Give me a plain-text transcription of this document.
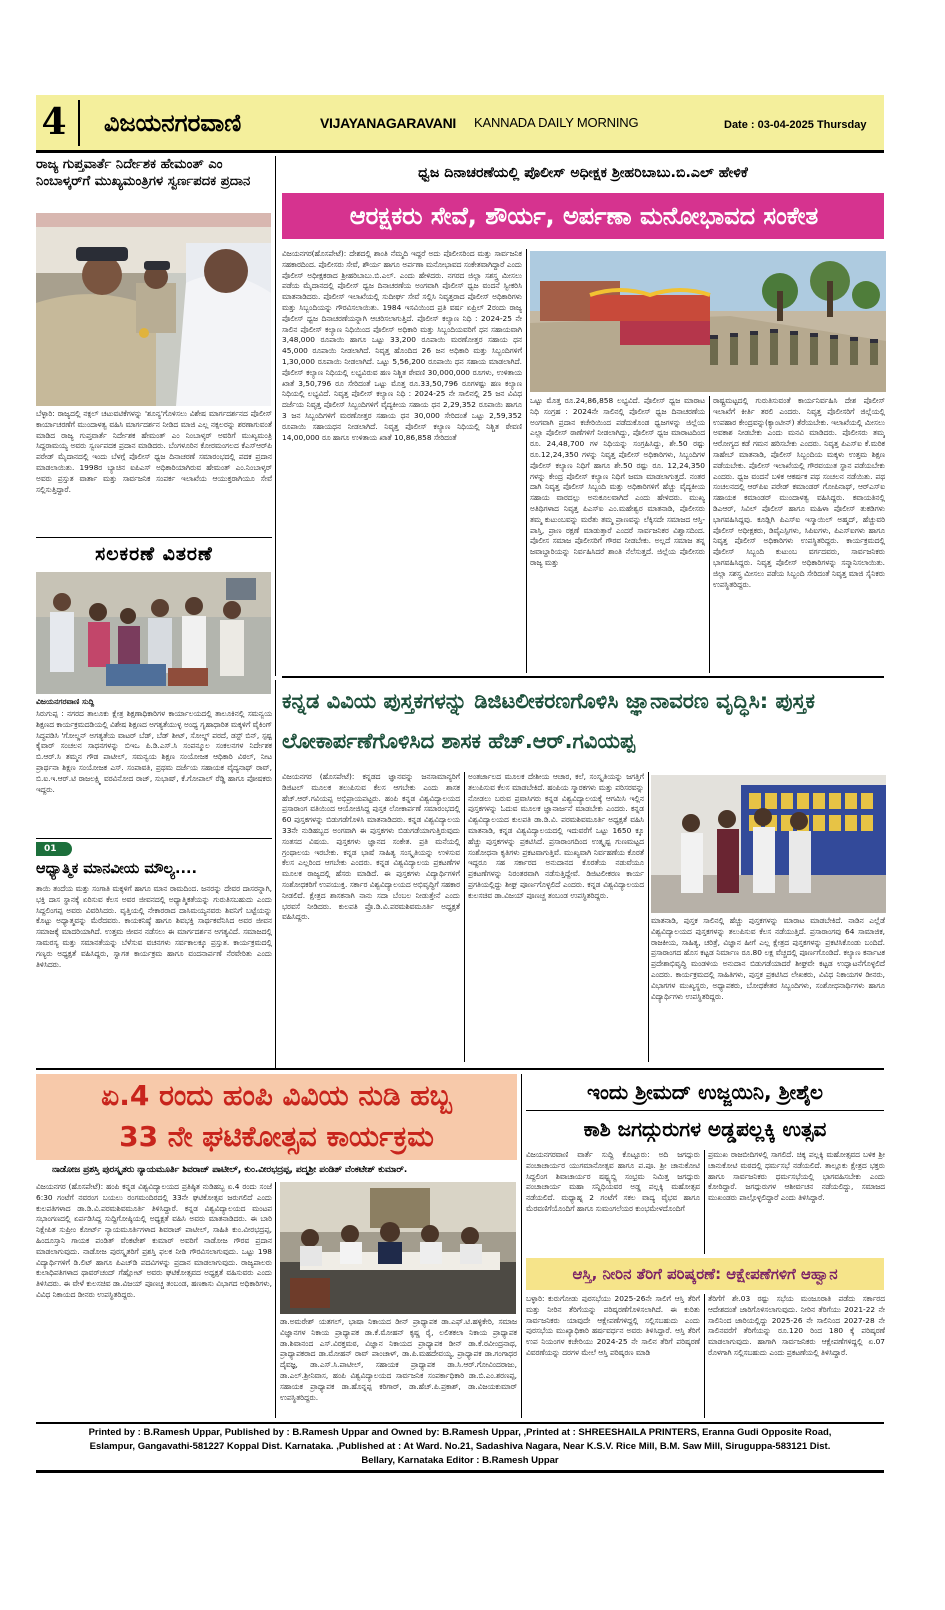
4 ವಿಜಯನಗರವಾಣಿ	VIJAYANAGARAVANI	KANNADA DAILY MORNING	Date : 03-04-2025 Thursday
ರಾಜ್ಯ ಗುಪ್ತವಾರ್ತೆ ನಿರ್ದೇಶಕ ಹೇಮಂತ್ ಎಂ ನಿಂಬಾಳ್ಕರ್‌ಗೆ ಮುಖ್ಯಮಂತ್ರಿಗಳ ಸ್ವರ್ಣಪದಕ ಪ್ರದಾನ
ಬೆಳ್ಳಾರಿ: ರಾಜ್ಯದಲ್ಲಿ ನಕ್ಸಲ್ ಚಟುವಟಿಕೆಗಳನ್ನು 'ಶೂನ್ಯ'ಗೊಳಿಸಲು ವಿಶೇಷ ಮಾರ್ಗದರ್ಶನದ ಪೊಲೀಸ್ ಕಾರ್ಯಾಚರಣೆಗೆ ಮುಂದಾಳತ್ವ ವಹಿಸಿ ಮಾರ್ಗದರ್ಶನ ನೀಡಿದ ಮಾಜಿ ಎಲ್ಲ ನಕ್ಸಲರನ್ನು ಶರಣಾಗುವಂತೆ ಮಾಡಿದ ರಾಜ್ಯ ಗುಪ್ತವಾರ್ತೆ ನಿರ್ದೇಶಕ ಹೇಮಂತ್ ಎಂ ನಿಂಬಾಳ್ಕರ್ ಅವರಿಗೆ ಮುಖ್ಯಮಂತ್ರಿ ಸಿದ್ದರಾಮಯ್ಯ ಅವರು ಸ್ವರ್ಣಪದಕ ಪ್ರದಾನ ಮಾಡಿದರು. ಬೆಂಗಳೂರಿನ ಕೋರಮಂಗಲದ ಕೆಎಸ್ಆರ್‌ಪಿ ಪರೇಡ್ ಮೈದಾನದಲ್ಲಿ ಇಂದು ಬೆಳಗ್ಗೆ ಪೊಲೀಸ್ ಧ್ವಜ ದಿನಾಚರಣೆ ಸಮಾರಂಭದಲ್ಲಿ ಪದಕ ಪ್ರದಾನ ಮಾಡಲಾಯಿತು. 1998ರ ಬ್ಯಾಚಿನ ಐಪಿಎಸ್ ಅಧಿಕಾರಿಯಾಗಿರುವ ಹೇಮಂತ್ ಎಂ.ನಿಂಬಾಳ್ಕರ್ ಅವರು ಪ್ರಸ್ತುತ ವಾರ್ತಾ ಮತ್ತು ಸಾರ್ವಜನಿಕ ಸಂಪರ್ಕ ಇಲಾಖೆಯ ಆಯುಕ್ತರಾಗಿಯೂ ಸೇವೆ ಸಲ್ಲಿಸುತ್ತಿದ್ದಾರೆ.
ಸಲಕರಣೆ ವಿತರಣೆ
ವಿಜಯನಗರವಾಣಿ ಸುದ್ದಿ
ಸಿರುಗುಪ್ಪ : ನಗರದ ತಾಲೂಕು ಕ್ಷೇತ್ರ ಶಿಕ್ಷಣಾಧಿಕಾರಿಗಳ ಕಾರ್ಯಾಲಯದಲ್ಲಿ ತಾಲೂಕಿನಲ್ಲಿ ಸಮನ್ವಯ ಶಿಕ್ಷಣದ ಕಾರ್ಯಕ್ರಮದಡಿಯಲ್ಲಿ ವಿಶೇಷ ಶಿಕ್ಷಣದ ಅಗತ್ಯತೆಯುಳ್ಳ ಅಂಧ್ಯ ಗೃಹಾಧಾರಿತ ಮಕ್ಕಳಿಗೆ ವೈಕಿಂಗ್ ಸಿದ್ಧಪಡಿಸಿ 'ಗೋಲ್ಡನ್ ಅಗತ್ಯತೆಯ ವಾಟರ್ ಬೆಡ್, ಬೆಡ್ ಶೀಟ್, ಸೋಲ್ಡ್ ಪರದೆ, ಡಸ್ಟ್ ಬಿನ್, ಸ್ಪಷ್ಟ ಕೈವಾರ್ ಸಂಚಲನ ಸಾಧನಗಳನ್ನು ಬಿಇಒ ಪಿ.ಡಿ.ಎಸ್.ಸಿ ಸಂಪನ್ಮೂಲ ಸಂಕಲನಗಳ ನಿರ್ದೇಶಕ ಬಿ.ಆರ್.ಸಿ ತಮ್ಮನ ಗೌಡ ಪಾಟೀಲ್, ಸಮನ್ವಯ ಶಿಕ್ಷಣ ಸಂಯೋಜಕ ಆಧಿಕಾರಿ ವಿಠಲ್, ನೀಟ ಪ್ರಾರ್ಥನಾ ಶಿಕ್ಷಣ ಸಂಯೋಜಕ ಎಸ್. ಸಂಪಾವತಿ, ಪ್ರಥಮ ದರ್ಜೆಯ ಸಹಾಯಕ ವೈದ್ಯನಾಥ್ ರಾವ್, ಬಿ.ಐ.ಇ.ಆರ್.ಟಿ ರಾಜಲಕ್ಷ್ಮಿ ವರವಿನೋದ ರಾಜ್, ಸುಭಾಷ್, ಕೆ.ಗೋಪಾಲ್ ರೆಡ್ಡಿ ಹಾಗೂ ಪೋಷಕರು ಇದ್ದರು.
01
ಆಧ್ಯಾತ್ಮಿಕ ಮಾನವೀಯ ಮೌಲ್ಯ....
ತಾಯಿ ತಂದೆಯ ಮತ್ತು ಸಂಗಾತಿ ಮಕ್ಕಳಿಗೆ ಹಾಗೂ ಮಾನ ರಾಮದಿಂದ. ಜನರನ್ನು ದೇವರ ದಾಸರನ್ನಾಗಿ, ಭಕ್ತಿ ದಾಸ ಸ್ಥಾನಕ್ಕೆ ಏರಿಸುವ ಕೆಲಸ ಅವರ ಜೀವನದಲ್ಲಿ ಅಧ್ಯಾತ್ಮಿಕತೆಯನ್ನು ಗುರುತಿಸಬಹುದು ಎಂದು ಸಿದ್ದಲಿಂಗಪ್ಪ ಅವರು ವಿವರಿಸಿದರು. ವೃತ್ತಿಯಲ್ಲಿ ನೇಕಾರರಾದ ದಾಸಿಮಯ್ಯನವರು ಶಿವನಿಗೆ ಬಟ್ಟೆಯನ್ನು ಕೊಟ್ಟು ಅಧ್ಯಾತ್ಮವನ್ನು ಮೆರೆದವರು. ಕಾಯಕನಿಷ್ಠೆ ಹಾಗೂ ಶಿವಭಕ್ತಿ ಸಾರ್ಥಕವೆನಿಸಿದ ಅವರ ಜೀವನ ಸಮಾಜಕ್ಕೆ ಮಾದರಿಯಾಗಿದೆ. ಉತ್ತಮ ಜೀವನ ನಡೆಸಲು ಈ ಮಾರ್ಗದರ್ಶನ ಅಗತ್ಯವಿದೆ. ಸಮಾಜದಲ್ಲಿ ಸಾಮರಸ್ಯ ಮತ್ತು ಸಮಾನತೆಯನ್ನು ಬೆಳೆಸುವ ವಚನಗಳು ಸರ್ವಕಾಲಕ್ಕೂ ಪ್ರಸ್ತುತ. ಕಾರ್ಯಕ್ರಮದಲ್ಲಿ ಗಣ್ಯರು ಅಧ್ಯಕ್ಷತೆ ವಹಿಸಿದ್ದರು, ಸ್ವಾಗತ ಕಾರ್ಯಕ್ರಮ ಹಾಗೂ ವಂದನಾರ್ಪಣೆ ನೆರವೇರಿತು ಎಂದು ತಿಳಿಸಿದರು.
ಧ್ವಜ ದಿನಾಚರಣೆಯಲ್ಲಿ ಪೊಲೀಸ್ ಅಧೀಕ್ಷಕ ಶ್ರೀಹರಿಬಾಬು.ಬಿ.ಎಲ್ ಹೇಳಿಕೆ
ಆರಕ್ಷಕರು ಸೇವೆ, ಶೌರ್ಯ, ಅರ್ಪಣಾ ಮನೋಭಾವದ ಸಂಕೇತ
ವಿಜಯನಗರ(ಹೊಸಪೇಟೆ): ದೇಶದಲ್ಲಿ ಶಾಂತಿ ನೆಮ್ಮದಿ ಇದ್ದರೆ ಅದು ಪೊಲೀಸರಿಂದ ಮತ್ತು ಸಾರ್ವಜನಿಕ ಸಹಕಾರದಿಂದ. ಪೊಲೀಸರು ಸೇವೆ, ಶೌರ್ಯ ಹಾಗೂ ಅರ್ಪಣಾ ಮನೋಭಾವದ ಸಂಕೇತವಾಗಿದ್ದಾರೆ ಎಂದು ಪೊಲೀಸ್ ಅಧೀಕ್ಷಕರಾದ ಶ್ರೀಹರಿಬಾಬು.ಬಿ.ಎಲ್. ಎಂದು ಹೇಳಿದರು. ನಗರದ ಜಿಲ್ಲಾ ಸಶಸ್ತ್ರ ಮೀಸಲು ಪಡೆಯ ಮೈದಾನದಲ್ಲಿ ಪೊಲೀಸ್ ಧ್ವಜ ದಿನಾಚರಣೆಯ ಅಂಗವಾಗಿ ಪೊಲೀಸ್ ಧ್ವಜ ವಂದನೆ ಸ್ವೀಕರಿಸಿ ಮಾತನಾಡಿದರು. ಪೊಲೀಸ್ ಇಲಾಖೆಯಲ್ಲಿ ಸುದೀರ್ಘ ಸೇವೆ ಸಲ್ಲಿಸಿ ನಿವೃತ್ತರಾದ ಪೊಲೀಸ್ ಅಧಿಕಾರಿಗಳು ಮತ್ತು ಸಿಬ್ಬಂದಿಯನ್ನು ಗೌರವಿಸಲಾಯಿತು. 1984 ಇಸವಿಯಿಂದ ಪ್ರತಿ ವರ್ಷ ಏಪ್ರಿಲ್ 2ರಂದು ರಾಜ್ಯ ಪೊಲೀಸ್ ಧ್ವಜ ದಿನಾಚರಣೆಯನ್ನಾಗಿ ಆಚರಿಸಲಾಗುತ್ತಿದೆ. ಪೊಲೀಸ್ ಕಲ್ಯಾಣ ನಿಧಿ : 2024-25 ನೇ ಸಾಲಿನ ಪೊಲೀಸ್ ಕಲ್ಯಾಣ ನಿಧಿಯಿಂದ ಪೊಲೀಸ್ ಅಧಿಕಾರಿ ಮತ್ತು ಸಿಬ್ಬಂದಿಯವರಿಗೆ ಧನ ಸಹಾಯವಾಗಿ 3,48,000 ರೂಪಾಯಿ ಹಾಗೂ ಒಟ್ಟು 33,200 ರೂಪಾಯಿ ಮರಣೋತ್ತರ ಸಹಾಯ ಧನ 45,000 ರೂಪಾಯಿ ನೀಡಲಾಗಿದೆ. ನಿವೃತ್ತ ಹೊಂದಿದ 26 ಜನ ಅಧಿಕಾರಿ ಮತ್ತು ಸಿಬ್ಬಂದಿಗಳಿಗೆ 1,30,000 ರೂಪಾಯಿ ನೀಡಲಾಗಿದೆ. ಒಟ್ಟು 5,56,200 ರೂಪಾಯಿ ಧನ ಸಹಾಯ ಮಾಡಲಾಗಿದೆ. ಪೊಲೀಸ್ ಕಲ್ಯಾಣ ನಿಧಿಯಲ್ಲಿ ಲಭ್ಯವಿರುವ ಹಣ ನಿಶ್ಚಿತ ಠೇವಣಿ 30,000,000 ರೂಗಳು, ಉಳಿತಾಯ ಖಾತೆ 3,50,796 ರೂ ಸೇರಿದಂತೆ ಒಟ್ಟು ಮೊತ್ತ ರೂ.33,50,796 ರೂಗಳಷ್ಟು ಹಣ ಕಲ್ಯಾಣ ನಿಧಿಯಲ್ಲಿ ಲಭ್ಯವಿದೆ. ನಿವೃತ್ತ ಪೊಲೀಸ್ ಕಲ್ಯಾಣ ನಿಧಿ : 2024-25 ನೇ ಸಾಲಿನಲ್ಲಿ 25 ಜನ ವಿವಿಧ ದರ್ಜೆಯ ನಿವೃತ್ತ ಪೊಲೀಸ್ ಸಿಬ್ಬಂದಿಗಳಿಗೆ ವೈದ್ಯಕೀಯ ಸಹಾಯ ಧನ 2,29,352 ರೂಪಾಯಿ ಹಾಗೂ 3 ಜನ ಸಿಬ್ಬಂದಿಗಳಿಗೆ ಮರಣೋತ್ತರ ಸಹಾಯ ಧನ 30,000 ಸೇರಿದಂತೆ ಒಟ್ಟು 2,59,352 ರೂಪಾಯಿ ಸಹಾಯಧನ ನೀಡಲಾಗಿದೆ. ನಿವೃತ್ತ ಪೊಲೀಸ್ ಕಲ್ಯಾಣ ನಿಧಿಯಲ್ಲಿ ನಿಶ್ಚಿತ ಠೇವಣಿ 14,00,000 ರೂ ಹಾಗೂ ಉಳಿತಾಯ ಖಾತೆ 10,86,858 ಸೇರಿದಂತೆ
ಒಟ್ಟು ಮೊತ್ತ ರೂ.24,86,858 ಲಭ್ಯವಿದೆ. ಪೊಲೀಸ್ ಧ್ವಜ ಮಾರಾಟ ನಿಧಿ ಸಂಗ್ರಹ : 2024ನೇ ಸಾಲಿನಲ್ಲಿ ಪೊಲೀಸ್ ಧ್ವಜ ದಿನಾಚರಣೆಯ ಅಂಗವಾಗಿ ಪ್ರದಾನ ಕಚೇರಿಯಿಂದ ಪಡೆದುಕೊಂಡ ಧ್ವಜಗಳನ್ನು ಜಿಲ್ಲೆಯ ಎಲ್ಲಾ ಪೊಲೀಸ್ ಠಾಣೆಗಳಿಗೆ ನೀಡಲಾಗಿದ್ದು, ಪೊಲೀಸ್ ಧ್ವಜ ಮಾರಾಟದಿಂದ ರೂ. 24,48,700 ಗಳ ನಿಧಿಯನ್ನು ಸಂಗ್ರಹಿಸಿದ್ದು, ಶೇ.50 ರಷ್ಟು ರೂ.12,24,350 ಗಳನ್ನು ನಿವೃತ್ತ ಪೊಲೀಸ್ ಅಧಿಕಾರಿಗಳು, ಸಿಬ್ಬಂದಿಗಳ ಪೊಲೀಸ್ ಕಲ್ಯಾಣ ನಿಧಿಗೆ ಹಾಗೂ ಶೇ.50 ರಷ್ಟು ರೂ. 12,24,350 ಗಳನ್ನು ಕೇಂದ್ರ ಪೊಲೀಸ್ ಕಲ್ಯಾಣ ನಿಧಿಗೆ ಜಮಾ ಮಾಡಲಾಗುತ್ತದೆ. ನಂತರ ದಾಗಿ ನಿವೃತ್ತ ಪೊಲೀಸ್ ಸಿಬ್ಬಂದಿ ಮತ್ತು ಅಧಿಕಾರಿಗಳಿಗೆ ಹೆಚ್ಚು ವೈದ್ಯಕೀಯ ಸಹಾಯ ವಾರದಲ್ಲು ಅನುಕೂಲವಾಗಿದೆ ಎಂದು ಹೇಳಿದರು. ಮುಖ್ಯ ಅತಿಥಿಗಳಾದ ನಿವೃತ್ತ ಪಿಎಸ್‌ಐ ಎಂ.ಮಹೇಶ್ವರ ಮಾತನಾಡಿ, ಪೊಲೀಸರು ತಮ್ಮ ಕುಟುಂಬವನ್ನು ಮರೆತು ತಮ್ಮ ಪ್ರಾಣವನ್ನು ಲೆಕ್ಕಿಸದೇ ಸಮಾಜದ ಆಸ್ತಿ-ಪಾಸ್ತಿ, ಪ್ರಾಣ ರಕ್ಷಣೆ ಮಾಡುತ್ತಾರೆ ಎಂದರೆ ಸಾರ್ವಜನಿಕರ ವಿಶ್ವಾಸದಿಂದ. ಪೊಲೀಸ ಸಮಾಜ ಪೊಲೀಸರಿಗೆ ಗೌರವ ನೀಡಬೇಕು. ಅಲ್ಲದೆ ಸಮಾಜ ತನ್ನ ಜವಾಬ್ದಾರಿಯನ್ನು ನಿರ್ವಹಿಸಿದರೆ ಶಾಂತಿ ನೆಲೆಸುತ್ತದೆ. ಜಿಲ್ಲೆಯ ಪೊಲೀಸರು ರಾಜ್ಯ ಮತ್ತು
ರಾಷ್ಟ್ರಮಟ್ಟದಲ್ಲಿ ಗುರುತಿಸುವಂತೆ ಕಾರ್ಯನಿರ್ವಹಿಸಿ ದೇಶ ಪೊಲೀಸ್ ಇಲಾಖೆಗೆ ಕೀರ್ತಿ ತರಲಿ ಎಂದರು. ನಿವೃತ್ತ ಪೊಲೀಸರಿಗೆ ಜಿಲ್ಲೆಯಲ್ಲಿ ಉಪಹಾರ ಕೇಂದ್ರವನ್ನು(ಕ್ಯಾಂಟೀನ್) ತೆರೆಯಬೇಕು. ಇಲಾಖೆಯಲ್ಲಿ ಮೀಸಲು ಅವಕಾಶ ನೀಡಬೇಕು ಎಂದು ಮನವಿ ಮಾಡಿದರು. ಪೊಲೀಸರು ತಮ್ಮ ಆರೋಗ್ಯದ ಕಡೆ ಗಮನ ಹರಿಸಬೇಕು ಎಂದರು. ನಿವೃತ್ತ ಪಿಎಸ್‌ಐ ಕೆ.ಮರಿಕ ಸಾಹೇಬ್ ಮಾತನಾಡಿ, ಪೊಲೀಸ್ ಸಿಬ್ಬಂದಿಯ ಮಕ್ಕಳು ಉತ್ತಮ ಶಿಕ್ಷಣ ಪಡೆಯಬೇಕು. ಪೊಲೀಸ್ ಇಲಾಖೆಯಲ್ಲಿ ಗೌರವಯುತ ಸ್ಥಾನ ಪಡೆಯಬೇಕು ಎಂದರು. ಧ್ವಜ ವಂದನೆ ಬಳಿಕ ಆಕರ್ಷಕ ಪಥ ಸಂಚಲನ ನಡೆಯಿತು. ಪಥ ಸಂಚಲನದಲ್ಲಿ ಆರ್‌ಪಿಐ ಪರೇಡ್ ಕಮಾಂಡರ್ ಗೋಪಿನಾಥ್, ಆರ್‌ಎಸ್‌ಐ ಸಹಾಯಕ ಕಮಾಂಡರ್ ಮುಂದಾಳತ್ವ ವಹಿಸಿದ್ದರು. ಕವಾಯತಿನಲ್ಲಿ ಡಿಎಆರ್, ಸಿವಿಲ್ ಪೊಲೀಸ್ ಹಾಗೂ ಮಹಿಳಾ ಪೊಲೀಸ್ ತುಕಡಿಗಳು ಭಾಗವಹಿಸಿದ್ದವು. ಕೂಡ್ಲಿಗಿ ಪಿಎಸ್‌ಐ ಇಸ್ಮಾಯಿಲ್ ಅಹ್ಮದ್, ಹೆಚ್ಚುವರಿ ಪೊಲೀಸ್ ಅಧೀಕ್ಷಕರು, ಡಿವೈಎಸ್ಪಿಗಳು, ಸಿಪಿಐಗಳು, ಪಿಎಸ್‌ಐಗಳು ಹಾಗೂ ನಿವೃತ್ತ ಪೊಲೀಸ್ ಅಧಿಕಾರಿಗಳು ಉಪಸ್ಥಿತರಿದ್ದರು. ಕಾರ್ಯಕ್ರಮದಲ್ಲಿ ಪೊಲೀಸ್ ಸಿಬ್ಬಂದಿ ಕುಟುಂಬ ವರ್ಗದವರು, ಸಾರ್ವಜನಿಕರು ಭಾಗವಹಿಸಿದ್ದರು. ನಿವೃತ್ತ ಪೊಲೀಸ್ ಅಧಿಕಾರಿಗಳನ್ನು ಸನ್ಮಾನಿಸಲಾಯಿತು. ಜಿಲ್ಲಾ ಸಶಸ್ತ್ರ ಮೀಸಲು ಪಡೆಯ ಸಿಬ್ಬಂದಿ ಸೇರಿದಂತೆ ನಿವೃತ್ತ ಮಾಜಿ ಸೈನಿಕರು ಉಪಸ್ಥಿತರಿದ್ದರು.
ಕನ್ನಡ ವಿವಿಯ ಪುಸ್ತಕಗಳನ್ನು ಡಿಜಿಟಲೀಕರಣಗೊಳಿಸಿ ಜ್ಞಾನಾವರಣ ವೃದ್ಧಿಸಿ: ಪುಸ್ತಕ ಲೋಕಾರ್ಪಣೆಗೊಳಿಸಿದ ಶಾಸಕ ಹೆಚ್.ಆರ್.ಗವಿಯಪ್ಪ
ವಿಜಯನಗರ (ಹೊಸಪೇಟೆ): ಕನ್ನಡದ ಜ್ಞಾನವನ್ನು ಜನಸಾಮಾನ್ಯರಿಗೆ ಡಿಜಿಟಲ್ ಮೂಲಕ ತಲುಪಿಸುವ ಕೆಲಸ ಆಗಬೇಕು ಎಂದು ಶಾಸಕ ಹೆಚ್.ಆರ್.ಗವಿಯಪ್ಪ ಅಭಿಪ್ರಾಯಪಟ್ಟರು. ಹಂಪಿ ಕನ್ನಡ ವಿಶ್ವವಿದ್ಯಾಲಯದ ಪ್ರಸಾರಾಂಗ ವತಿಯಿಂದ ಆಯೋಜಿಸಿದ್ದ ಪುಸ್ತಕ ಲೋಕಾರ್ಪಣೆ ಸಮಾರಂಭದಲ್ಲಿ 60 ಪುಸ್ತಕಗಳನ್ನು ಬಿಡುಗಡೆಗೊಳಿಸಿ ಮಾತನಾಡಿದರು. ಕನ್ನಡ ವಿಶ್ವವಿದ್ಯಾಲಯ 33ನೇ ನುಡಿಹಬ್ಬದ ಅಂಗವಾಗಿ ಈ ಪುಸ್ತಕಗಳು ಬಿಡುಗಡೆಯಾಗುತ್ತಿರುವುದು ಸಂತಸದ ವಿಷಯ. ಪುಸ್ತಕಗಳು ಜ್ಞಾನದ ಸಂಕೇತ. ಪ್ರತಿ ಮನೆಯಲ್ಲಿ ಗ್ರಂಥಾಲಯ ಇರಬೇಕು. ಕನ್ನಡ ಭಾಷೆ ಸಾಹಿತ್ಯ ಸಂಸ್ಕೃತಿಯನ್ನು ಉಳಿಸುವ ಕೆಲಸ ಎಲ್ಲರಿಂದ ಆಗಬೇಕು ಎಂದರು. ಕನ್ನಡ ವಿಶ್ವವಿದ್ಯಾಲಯ ಪ್ರಕಟಣೆಗಳ ಮೂಲಕ ರಾಜ್ಯದಲ್ಲಿ ಹೆಸರು ಮಾಡಿದೆ. ಈ ಪುಸ್ತಕಗಳು ವಿದ್ಯಾರ್ಥಿಗಳಿಗೆ ಸಂಶೋಧಕರಿಗೆ ಉಪಯುಕ್ತ. ಸರ್ಕಾರ ವಿಶ್ವವಿದ್ಯಾಲಯದ ಅಭಿವೃದ್ಧಿಗೆ ಸಹಕಾರ ನೀಡಲಿದೆ. ಕ್ಷೇತ್ರದ ಶಾಸಕನಾಗಿ ನಾನು ಸದಾ ಬೆಂಬಲ ನೀಡುತ್ತೇನೆ ಎಂದು ಭರವಸೆ ನೀಡಿದರು. ಕುಲಪತಿ ಪ್ರೊ.ಡಿ.ವಿ.ಪರಮಶಿವಮೂರ್ತಿ ಅಧ್ಯಕ್ಷತೆ ವಹಿಸಿದ್ದರು.
ಅಂತರ್ಜಾಲದ ಮೂಲಕ ದೇಶೀಯ ಆಚಾರ, ಕಲೆ, ಸಂಸ್ಕೃತಿಯನ್ನು ಜಗತ್ತಿಗೆ ತಲುಪಿಸುವ ಕೆಲಸ ಮಾಡಬೇಕಿದೆ. ಹಂಪಿಯ ಸ್ಮಾರಕಗಳು ಮತ್ತು ಪರಿಸರವನ್ನು ನೋಡಲು ಬರುವ ಪ್ರವಾಸಿಗರು ಕನ್ನಡ ವಿಶ್ವವಿದ್ಯಾಲಯಕ್ಕೆ ಆಗಮಿಸಿ ಇಲ್ಲಿನ ಪುಸ್ತಕಗಳನ್ನು ಓದುವ ಮೂಲಕ ಜ್ಞಾನಾರ್ಜನೆ ಮಾಡಬೇಕು ಎಂದರು. ಕನ್ನಡ ವಿಶ್ವವಿದ್ಯಾಲಯದ ಕುಲಪತಿ ಡಾ.ಡಿ.ವಿ. ಪರಮಶಿವಮೂರ್ತಿ ಅಧ್ಯಕ್ಷತೆ ವಹಿಸಿ ಮಾತನಾಡಿ, ಕನ್ನಡ ವಿಶ್ವವಿದ್ಯಾಲಯದಲ್ಲಿ ಇದುವರೆಗೆ ಒಟ್ಟು 1650 ಕ್ಕೂ ಹೆಚ್ಚು ಪುಸ್ತಕಗಳನ್ನು ಪ್ರಕಟಿಸಿದೆ. ಪ್ರಸಾರಾಂಗದಿಂದ ಉತ್ಕೃಷ್ಟ ಗುಣಮಟ್ಟದ ಸಂಶೋಧನಾ ಕೃತಿಗಳು ಪ್ರಕಟವಾಗುತ್ತಿವೆ. ಮುಖ್ಯವಾಗಿ ನಿರ್ವಹಣೆಯ ಕೊರತೆ ಇದ್ದರೂ ಸಹ ಸರ್ಕಾರದ ಅನುದಾನದ ಕೊರತೆಯ ನಡುವೆಯೂ ಪ್ರಕಟಣೆಗಳನ್ನು ನಿರಂತರವಾಗಿ ನಡೆಸುತ್ತಿದ್ದೇವೆ. ಡಿಜಿಟಲೀಕರಣ ಕಾರ್ಯ ಪ್ರಗತಿಯಲ್ಲಿದ್ದು ಶೀಘ್ರ ಪೂರ್ಣಗೊಳ್ಳಲಿದೆ ಎಂದರು. ಕನ್ನಡ ವಿಶ್ವವಿದ್ಯಾಲಯದ ಕುಲಸಚಿವ ಡಾ.ವಿಜಯ್ ಪೂಣಚ್ಚ ತಂಬಂಡ ಉಪಸ್ಥಿತರಿದ್ದರು.
ಮಾತನಾಡಿ, ಪುಸ್ತಕ ಸಾಲಿನಲ್ಲಿ ಹೆಚ್ಚು ಪುಸ್ತಕಗಳನ್ನು ಮಾರಾಟ ಮಾಡಬೇಕಿದೆ. ನಾಡಿನ ಎಲ್ಲೆಡೆ ವಿಶ್ವವಿದ್ಯಾಲಯದ ಪುಸ್ತಕಗಳನ್ನು ತಲುಪಿಸುವ ಕೆಲಸ ನಡೆಯುತ್ತಿದೆ. ಪ್ರಸಾರಾಂಗವು 64 ಸಾಮಾಜಿಕ, ರಾಜಕೀಯ, ಸಾಹಿತ್ಯ, ಚರಿತ್ರೆ, ವಿಜ್ಞಾನ ಹೀಗೆ ಎಲ್ಲ ಕ್ಷೇತ್ರದ ಪುಸ್ತಕಗಳನ್ನು ಪ್ರಕಟಿಸಿಕೊಂಡು ಬಂದಿದೆ. ಪ್ರಸಾರಾಂಗದ ಹೊಸ ಕಟ್ಟಡ ನಿರ್ಮಾಣ ರೂ.80 ಲಕ್ಷ ವೆಚ್ಚದಲ್ಲಿ ಪೂರ್ಣಗೊಂಡಿದೆ. ಕಲ್ಯಾಣ ಕರ್ನಾಟಕ ಪ್ರದೇಶಾಭಿವೃದ್ಧಿ ಮಂಡಳಿಯ ಅನುದಾನ ಬಿಡುಗಡೆಯಾದರೆ ಶೀಘ್ರವೇ ಕಟ್ಟಡ ಉದ್ಘಾಟನೆಗೊಳ್ಳಲಿದೆ ಎಂದರು. ಕಾರ್ಯಕ್ರಮದಲ್ಲಿ ಸಾಹಿತಿಗಳು, ಪುಸ್ತಕ ಪ್ರಕಟಿಸಿದ ಲೇಖಕರು, ವಿವಿಧ ನಿಕಾಯಗಳ ಡೀನರು, ವಿಭಾಗಗಳ ಮುಖ್ಯಸ್ಥರು, ಅಧ್ಯಾಪಕರು, ಬೋಧಕೇತರ ಸಿಬ್ಬಂದಿಗಳು, ಸಂಶೋಧನಾರ್ಥಿಗಳು ಹಾಗೂ ವಿದ್ಯಾರ್ಥಿಗಳು ಉಪಸ್ಥಿತರಿದ್ದರು.
ಏ.4 ರಂದು ಹಂಪಿ ವಿವಿಯ ನುಡಿ ಹಬ್ಬ
33 ನೇ ಘಟಿಕೋತ್ಸವ ಕಾರ್ಯಕ್ರಮ
ನಾಡೋಜ ಪ್ರಶಸ್ತಿ ಪುರಸ್ಕೃತರು ನ್ಯಾಯಮೂರ್ತಿ ಶಿವರಾಜ್ ಪಾಟೀಲ್, ಕುಂ.ವೀರಭದ್ರಪ್ಪ, ಪದ್ಮಶ್ರೀ ಪಂಡಿತ್ ವೆಂಕಟೇಶ್ ಕುಮಾರ್.
ವಿಜಯನಗರ (ಹೊಸಪೇಟೆ): ಹಂಪಿ ಕನ್ನಡ ವಿಶ್ವವಿದ್ಯಾಲಯದ ಪ್ರತಿಷ್ಠಿತ ನುಡಿಹಬ್ಬ ಏ.4 ರಂದು ಸಂಜೆ 6:30 ಗಂಟೆಗೆ ನವರಂಗ ಬಯಲು ರಂಗಮಂದಿರದಲ್ಲಿ 33ನೇ ಘಟಿಕೋತ್ಸವ ಜರುಗಲಿದೆ ಎಂದು ಕುಲಪತಿಗಳಾದ ಡಾ.ಡಿ.ವಿ.ಪರಮಶಿವಮೂರ್ತಿ ತಿಳಿಸಿದ್ದಾರೆ. ಕನ್ನಡ ವಿಶ್ವವಿದ್ಯಾಲಯದ ಮಂಟಪ ಸಭಾಂಗಣದಲ್ಲಿ ಏರ್ಪಡಿಸಿದ್ದ ಸುದ್ದಿಗೋಷ್ಠಿಯಲ್ಲಿ ಅಧ್ಯಕ್ಷತೆ ವಹಿಸಿ ಅವರು ಮಾತನಾಡಿದರು. ಈ ಬಾರಿ ನಿಕ್ಷೇಪಿತ ಸುಪ್ರೀಂ ಕೋರ್ಟ್ ನ್ಯಾಯಮೂರ್ತಿಗಳಾದ ಶಿವರಾಜ್ ಪಾಟೀಲ್, ಸಾಹಿತಿ ಕುಂ.ವೀರಭದ್ರಪ್ಪ, ಹಿಂದೂಸ್ತಾನಿ ಗಾಯಕ ಪಂಡಿತ್ ವೆಂಕಟೇಶ್ ಕುಮಾರ್ ಅವರಿಗೆ ನಾಡೋಜ ಗೌರವ ಪ್ರದಾನ ಮಾಡಲಾಗುವುದು. ನಾಡೋಜ ಪುರಸ್ಕೃತರಿಗೆ ಪ್ರಶಸ್ತಿ ಫಲಕ ನೀಡಿ ಗೌರವಿಸಲಾಗುವುದು. ಒಟ್ಟು 198 ವಿದ್ಯಾರ್ಥಿಗಳಿಗೆ ಡಿ.ಲಿಟ್ ಹಾಗೂ ಪಿಎಚ್‌ಡಿ ಪದವಿಗಳನ್ನು ಪ್ರದಾನ ಮಾಡಲಾಗುವುದು. ರಾಜ್ಯಪಾಲರು ಕುಲಾಧಿಪತಿಗಳಾದ ಥಾವರ್‌ಚಂದ್ ಗೆಹ್ಲೋಟ್ ಅವರು ಘಟಿಕೋತ್ಸವದ ಅಧ್ಯಕ್ಷತೆ ವಹಿಸುವರು ಎಂದು ತಿಳಿಸಿದರು. ಈ ವೇಳೆ ಕುಲಸಚಿವ ಡಾ.ವಿಜಯ್ ಪೂಣಚ್ಚ ತಂಬಂಡ, ಹಣಕಾಸು ವಿಭಾಗದ ಅಧಿಕಾರಿಗಳು, ವಿವಿಧ ನಿಕಾಯದ ಡೀನರು ಉಪಸ್ಥಿತರಿದ್ದರು.
ಡಾ.ಅಮರೇಶ್ ಯತಗಲ್, ಭಾಷಾ ನಿಕಾಯದ ಡೀನ್ ಪ್ರಾಧ್ಯಾಪಕ ಡಾ.ಎಫ್.ಟಿ.ಹಳ್ಳಿಕೇರಿ, ಸಮಾಜ ವಿಜ್ಞಾನಗಳ ನಿಕಾಯ ಪ್ರಾಧ್ಯಾಪಕ ಡಾ.ಕೆ.ಮೋಹನ್ ಕೃಷ್ಣ ರೈ, ಲಲಿತಕಲಾ ನಿಕಾಯ ಪ್ರಾಧ್ಯಾಪಕ ಡಾ.ಶಿವಾನಂದ ಎಸ್.ವಿರಕ್ತಮಠ, ವಿಜ್ಞಾನ ನಿಕಾಯದ ಪ್ರಾಧ್ಯಾಪಕ ಡೀನ್ ಡಾ.ಕೆ.ರವೀಂದ್ರನಾಥ, ಪ್ರಾಧ್ಯಾಪಕರಾದ ಡಾ.ಮೋಹನ್ ರಾವ್ ಪಾಂಚಾಳ್, ಡಾ.ಪಿ.ಮಹದೇವಯ್ಯ, ಪ್ರಾಧ್ಯಾಪಕ ಡಾ.ಗಂಗಾಧರ ದೈವಜ್ಞ, ಡಾ.ಎಸ್.ಸಿ.ಪಾಟೀಲ್, ಸಹಾಯಕ ಪ್ರಾಧ್ಯಾಪಕ ಡಾ.ಸಿ.ಆರ್.ಗೋವಿಂದರಾಜು, ಡಾ.ಎಲ್.ಶ್ರೀನಿವಾಸ, ಹಂಪಿ ವಿಶ್ವವಿದ್ಯಾಲಯದ ಸಾರ್ವಜನಿಕ ಸಂಪರ್ಕಾಧಿಕಾರಿ ಡಾ.ಬಿ.ಎಂ.ಶರಣಪ್ಪ, ಸಹಾಯಕ ಪ್ರಾಧ್ಯಾಪಕ ಡಾ.ಹೊನ್ನಪ್ಪ ಕರಿಗಾರ್, ಡಾ.ಹೆಚ್.ಪಿ.ಪ್ರಕಾಶ್, ಡಾ.ವಿಜಯಕುಮಾರ್ ಉಪಸ್ಥಿತರಿದ್ದರು.
ಇಂದು ಶ್ರೀಮದ್ ಉಜ್ಜಯಿನಿ, ಶ್ರೀಶೈಲ
ಕಾಶಿ ಜಗದ್ಗುರುಗಳ ಅಡ್ಡಪಲ್ಲಕ್ಕಿ ಉತ್ಸವ
ವಿಜಯನಗರವಾಣಿ ವಾರ್ತೆ ಸುದ್ದಿ ಕೊಟ್ಟೂರು: ಅದಿ ಜಗದ್ಗುರು ಪಂಚಾಚಾರ್ಯರ ಯುಗಮಾನೋತ್ಸವ ಹಾಗೂ ಪ.ಪೂ. ಶ್ರೀ ಚಾನುಕೋಟಿ ಸಿದ್ದಲಿಂಗ ಶಿವಾಚಾರ್ಯರ ಷಷ್ಟ್ಯಬ್ದಿ ಸಂಭ್ರಮ ನಿಮಿತ್ತ ಜಗದ್ಗುರು ಪಂಚಾಚಾರ್ಯ ಮಹಾ ಸನ್ನಿಧಿಯವರ ಅಡ್ಡ ಪಲ್ಲಕ್ಕಿ ಮಹೋತ್ಸವ ನಡೆಯಲಿದೆ. ಮಧ್ಯಾಹ್ನ 2 ಗಂಟೆಗೆ ಸಕಲ ವಾದ್ಯ ವೈಭವ ಹಾಗೂ ಮೆರವಣಿಗೆಯೊಂದಿಗೆ ಹಾಗೂ ಸುಮಂಗಲೆಯರ ಕುಂಭಮೇಳದೊಂದಿಗೆ
ಪ್ರಮುಖ ರಾಜಬೀದಿಗಳಲ್ಲಿ ಸಾಗಲಿದೆ. ಚಿಕ್ಕ ಪಲ್ಲಕ್ಕಿ ಮಹೋತ್ಸವದ ಬಳಿಕ ಶ್ರೀ ಚಾನುಕೋಟಿ ಮಠದಲ್ಲಿ ಧರ್ಮಸಭೆ ನಡೆಯಲಿದೆ. ತಾಲ್ಲೂಕು ಕ್ಷೇತ್ರದ ಭಕ್ತರು ಹಾಗೂ ಸಾರ್ವಜನಿಕರು ಧರ್ಮಸಭೆಯಲ್ಲಿ ಭಾಗವಹಿಸಬೇಕು ಎಂದು ಕೋರಿದ್ದಾರೆ. ಜಗದ್ಗುರುಗಳ ಆಶೀರ್ವಚನ ನಡೆಯಲಿದ್ದು, ಸಮಾಜದ ಮುಖಂಡರು ಪಾಲ್ಗೊಳ್ಳಲಿದ್ದಾರೆ ಎಂದು ತಿಳಿಸಿದ್ದಾರೆ.
ಆಸ್ತಿ, ನೀರಿನ ತೆರಿಗೆ ಪರಿಷ್ಕರಣೆ: ಆಕ್ಷೇಪಣೆಗಳಿಗೆ ಆಹ್ವಾನ
ಬಳ್ಳಾರಿ: ಕುರುಗೋಡು ಪುರಸಭೆಯು 2025-26ನೇ ಸಾಲಿಗೆ ಆಸ್ತಿ ತೆರಿಗೆ ಮತ್ತು ನೀರಿನ ತೆರಿಗೆಯನ್ನು ಪರಿಷ್ಕರಣೆಗೊಳಿಸಲಾಗಿದೆ. ಈ ಕುರಿತು ಸಾರ್ವಜನಿಕರು ಯಾವುದೇ ಆಕ್ಷೇಪಣೆಗಳಿದ್ದಲ್ಲಿ ಸಲ್ಲಿಸಬಹುದು ಎಂದು ಪುರಸಭೆಯ ಮುಖ್ಯಾಧಿಕಾರಿ ಹರ್ಷವರ್ಧನ ಅವರು ತಿಳಿಸಿದ್ದಾರೆ. ಆಸ್ತಿ ತೆರಿಗೆ ಉಪ ನಿಯಂಗಳ ಕಚೇರಿಯು 2024-25 ನೇ ಸಾಲಿನ ತೆರಿಗೆ ಪರಿಷ್ಕರಣೆ ವಿವರಣೆಯನ್ನು ದರಗಳ ಮೇಲೆ ಆಸ್ತಿ ಪರಿಷ್ಕರಣ ಮಾಡಿ
ತೆರಿಗೆಗೆ ಶೇ.03 ರಷ್ಟು ಸಭೆಯ ಮಂಜೂರಾತಿ ಪಡೆದು ಸರ್ಕಾರದ ಆದೇಶದಂತೆ ಜಾರಿಗೊಳಿಸಲಾಗುವುದು. ನೀರಿನ ತೆರಿಗೆಯು 2021-22 ನೇ ಸಾಲಿನಿಂದ ಜಾರಿಯಲ್ಲಿದ್ದು 2025-26 ನೇ ಸಾಲಿನಿಂದ 2027-28 ನೇ ಸಾಲಿನವರೆಗೆ ತೆರಿಗೆಯನ್ನು ರೂ.120 ರಿಂದ 180 ಕ್ಕೆ ಪರಿಷ್ಕರಣೆ ಮಾಡಲಾಗುವುದು. ಹಾಗಾಗಿ ಸಾರ್ವಜನಿಕರು ಆಕ್ಷೇಪಣೆಗಳಿದ್ದಲ್ಲಿ ಏ.07 ರೊಳಗಾಗಿ ಸಲ್ಲಿಸಬಹುದು ಎಂದು ಪ್ರಕಟಣೆಯಲ್ಲಿ ತಿಳಿಸಿದ್ದಾರೆ.
Printed by : B.Ramesh Uppar, Published by : B.Ramesh Uppar and Owned by: B.Ramesh Uppar, ,Printed at : SHREESHAILA PRINTERS, Eranna Gudi Opposite Road,
Eslampur, Gangavathi-581227 Koppal Dist. Karnataka. ,Published at : At Ward. No.21, Sadashiva Nagara, Near K.S.V. Rice Mill, B.M. Saw Mill, Siruguppa-583121 Dist.
Bellary, Karnataka Editor : B.Ramesh Uppar
